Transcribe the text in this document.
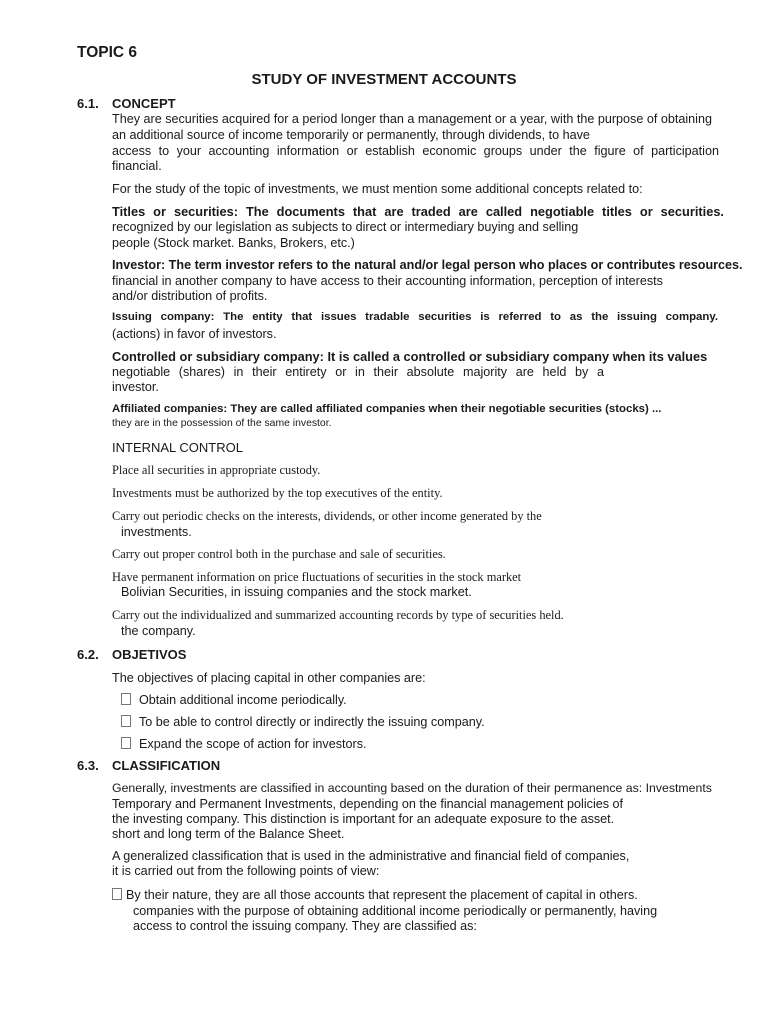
TOPIC 6
STUDY OF INVESTMENT ACCOUNTS
6.1. CONCEPT
They are securities acquired for a period longer than a management or a year, with the purpose of obtaining
an additional source of income temporarily or permanently, through dividends, to have
access to your accounting information or establish economic groups under the figure of participation
financial.
For the study of the topic of investments, we must mention some additional concepts related to:
Titles or securities: The documents that are traded are called negotiable titles or securities.
recognized by our legislation as subjects to direct or intermediary buying and selling
people (Stock market. Banks, Brokers, etc.)
Investor: The term investor refers to the natural and/or legal person who places or contributes resources.
financial in another company to have access to their accounting information, perception of interests
and/or distribution of profits.
Issuing company: The entity that issues tradable securities is referred to as the issuing company.
(actions) in favor of investors.
Controlled or subsidiary company: It is called a controlled or subsidiary company when its values
negotiable (shares) in their entirety or in their absolute majority are held by a
investor.
Affiliated companies: They are called affiliated companies when their negotiable securities (stocks) ...
they are in the possession of the same investor.
INTERNAL CONTROL
Place all securities in appropriate custody.
Investments must be authorized by the top executives of the entity.
Carry out periodic checks on the interests, dividends, or other income generated by the
investments.
Carry out proper control both in the purchase and sale of securities.
Have permanent information on price fluctuations of securities in the stock market
Bolivian Securities, in issuing companies and the stock market.
Carry out the individualized and summarized accounting records by type of securities held.
the company.
6.2. OBJETIVOS
The objectives of placing capital in other companies are:
Obtain additional income periodically.
To be able to control directly or indirectly the issuing company.
Expand the scope of action for investors.
6.3. CLASSIFICATION
Generally, investments are classified in accounting based on the duration of their permanence as: Investments
Temporary and Permanent Investments, depending on the financial management policies of
the investing company. This distinction is important for an adequate exposure to the asset.
short and long term of the Balance Sheet.
A generalized classification that is used in the administrative and financial field of companies,
it is carried out from the following points of view:
By their nature, they are all those accounts that represent the placement of capital in others.
companies with the purpose of obtaining additional income periodically or permanently, having
access to control the issuing company. They are classified as:
